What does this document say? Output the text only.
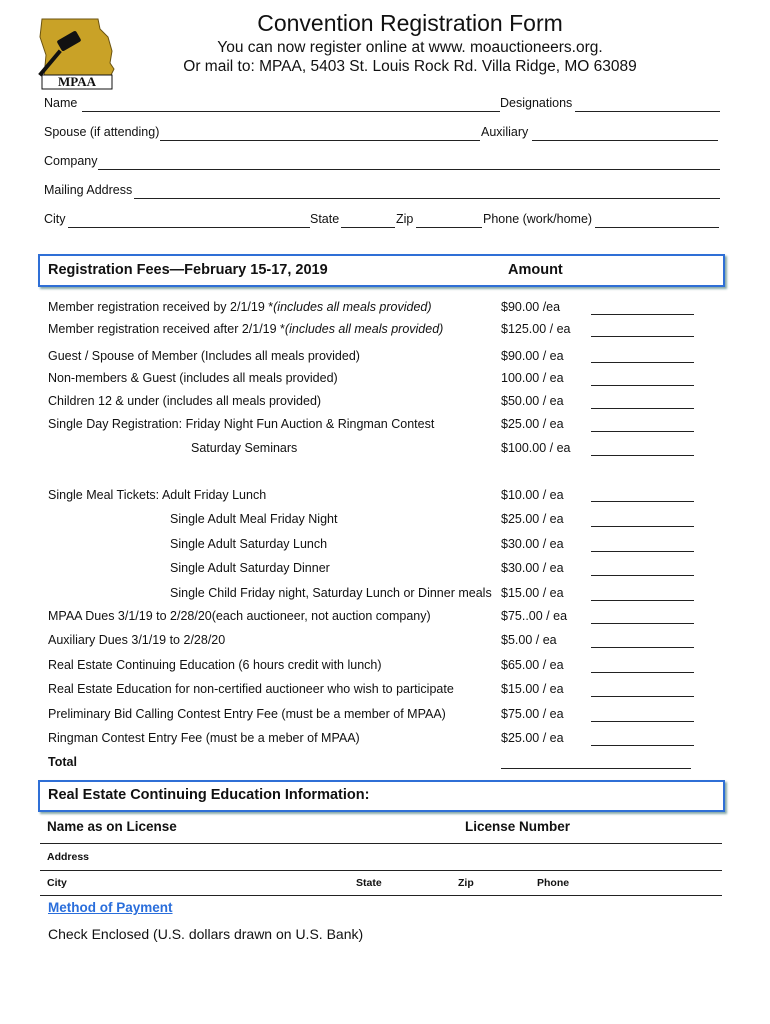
MPAA
Convention Registration Form
You can now register online at www. moauctioneers.org.
Or mail to: MPAA, 5403 St. Louis Rock Rd. Villa Ridge, MO 63089
Name	Designations
Spouse (if attending)	Auxiliary
Company
Mailing Address
City	State	Zip	Phone (work/home)
Registration Fees—February 15-17, 2019	Amount
Member registration received by 2/1/19 *(includes all meals provided)	$90.00 /ea
Member registration received after 2/1/19 *(includes all meals provided)	$125.00 / ea
Guest / Spouse of Member (Includes all meals provided)	$90.00 / ea
Non-members & Guest (includes all meals provided)	100.00 / ea
Children 12 & under (includes all meals provided)	$50.00 / ea
Single Day Registration: Friday Night Fun Auction & Ringman Contest	$25.00 / ea
Saturday Seminars	$100.00 / ea
Single Meal Tickets: Adult Friday Lunch	$10.00 / ea
Single Adult Meal Friday Night	$25.00 / ea
Single Adult Saturday Lunch	$30.00 / ea
Single Adult Saturday Dinner	$30.00 / ea
Single Child Friday night, Saturday Lunch or Dinner meals $15.00 / ea
MPAA Dues 3/1/19 to 2/28/20(each auctioneer, not auction company)	$75..00 / ea
Auxiliary Dues 3/1/19 to 2/28/20	$5.00 / ea
Real Estate Continuing Education (6 hours credit with lunch)	$65.00 / ea
Real Estate Education for non-certified auctioneer who wish to participate	$15.00 / ea
Preliminary Bid Calling Contest Entry Fee (must be a member of MPAA)	$75.00 / ea
Ringman Contest Entry Fee (must be a meber of MPAA)	$25.00 / ea
Total
Real Estate Continuing Education Information:
Name as on License	License Number
Address
City	State	Zip	Phone
Method of Payment
Check Enclosed (U.S. dollars drawn on U.S. Bank)
